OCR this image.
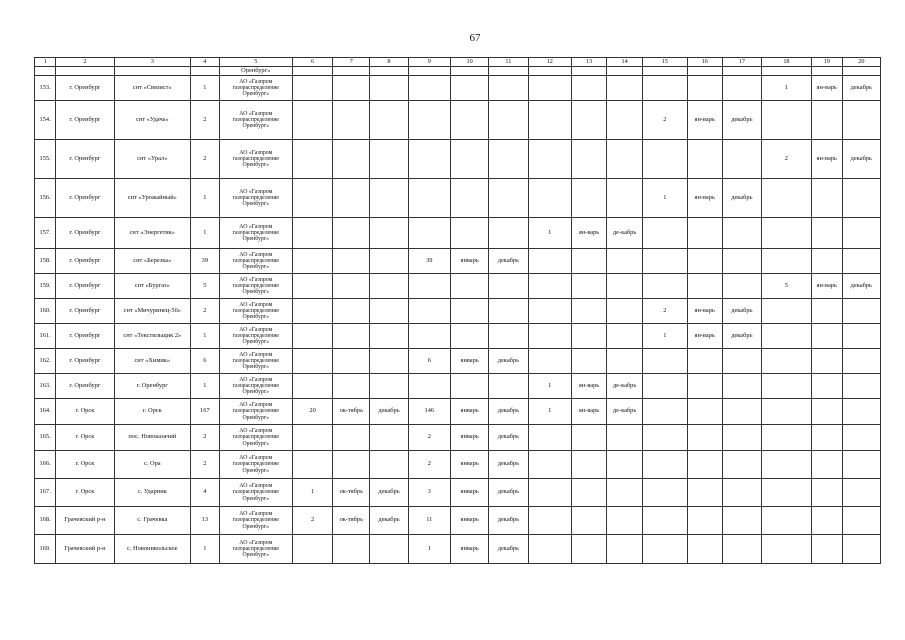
67
1	2	3	4	5	6	7	8	9	10	11	12	13	14	15	16	17	18	19	20
				Оренбург»															
153.	г. Оренбург	снт «Связист»	1	АО «Газпром газораспределение Оренбург»													1	ян-варь	декабрь
154.	г. Оренбург	снт «Удача»	2	АО «Газпром газораспределение Оренбург»										2	ян-варь	декабрь			
155.	г. Оренбург	снт «Урал»	2	АО «Газпром газораспределение Оренбург»													2	ян-варь	декабрь
156.	г. Оренбург	снт «Урожайный»	1	АО «Газпром газораспределение Оренбург»										1	ян-варь	декабрь			
157.	г. Оренбург	снт «Энергетик»	1	АО «Газпром газораспределение Оренбург»							1	ян-варь	де-кабрь						
158.	г. Оренбург	снт «Березка»	39	АО «Газпром газораспределение Оренбург»				39	январь	декабрь									
159.	г. Оренбург	снт «Бургаз»	5	АО «Газпром газораспределение Оренбург»													5	ян-варь	декабрь
160.	г. Оренбург	снт «Мичуринец-50»	2	АО «Газпром газораспределение Оренбург»										2	ян-варь	декабрь			
161.	г. Оренбург	снт «Текстильщик 2»	1	АО «Газпром газораспределение Оренбург»										1	ян-варь	декабрь			
162.	г. Оренбург	снт «Химик»	6	АО «Газпром газораспределение Оренбург»				6	январь	декабрь									
163.	г. Оренбург	г. Оренбург	1	АО «Газпром газораспределение Оренбург»							1	ян-варь	де-кабрь						
164.	г. Орск	г. Орск	167	АО «Газпром газораспределение Оренбург»	20	ок-тябрь	декабрь	146	январь	декабрь	1	ян-варь	де-кабрь						
165.	г. Орск	пос. Новоказачий	2	АО «Газпром газораспределение Оренбург»				2	январь	декабрь									
166.	г. Орск	с. Ора	2	АО «Газпром газораспределение Оренбург»				2	январь	декабрь									
167.	г. Орск	с. Ударник	4	АО «Газпром газораспределение Оренбург»	1	ок-тябрь	декабрь	3	январь	декабрь									
168.	Грачевский р-н	с. Грачевка	13	АО «Газпром газораспределение Оренбург»	2	ок-тябрь	декабрь	11	январь	декабрь									
169.	Грачевский р-н	с. Новоникольское	1	АО «Газпром газораспределение Оренбург»				1	январь	декабрь									
